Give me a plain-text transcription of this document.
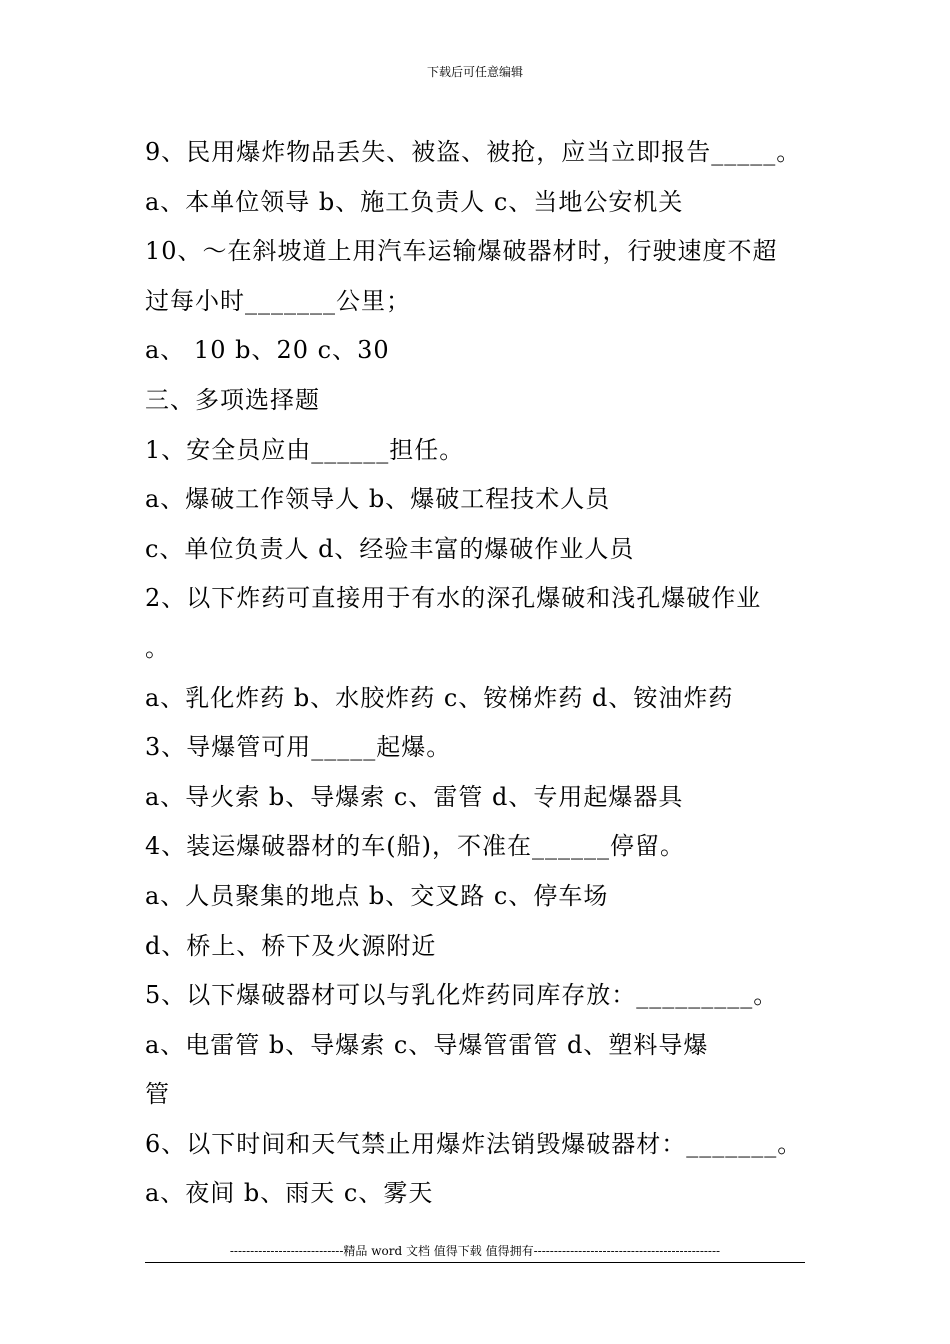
下载后可任意编辑
9、民用爆炸物品丢失、被盗、被抢，应当立即报告_____。
a、本单位领导 b、施工负责人 c、当地公安机关
10、～在斜坡道上用汽车运输爆破器材时，行驶速度不超
过每小时_______公里；
a、 10 b、20 c、30
三、多项选择题
1、安全员应由______担任。
a、爆破工作领导人 b、爆破工程技术人员
c、单位负责人 d、经验丰富的爆破作业人员
2、以下炸药可直接用于有水的深孔爆破和浅孔爆破作业
。
a、乳化炸药 b、水胶炸药 c、铵梯炸药 d、铵油炸药
3、导爆管可用_____起爆。
a、导火索 b、导爆索 c、雷管 d、专用起爆器具
4、装运爆破器材的车(船)，不准在______停留。
a、人员聚集的地点 b、交叉路 c、停车场
d、桥上、桥下及火源附近
5、以下爆破器材可以与乳化炸药同库存放：_________。
a、电雷管 b、导爆索 c、导爆管雷管 d、塑料导爆
管
6、以下时间和天气禁止用爆炸法销毁爆破器材：_______。
a、夜间 b、雨天 c、雾天
----------------------------精品 word 文档 值得下载 值得拥有----------------------------------------------
